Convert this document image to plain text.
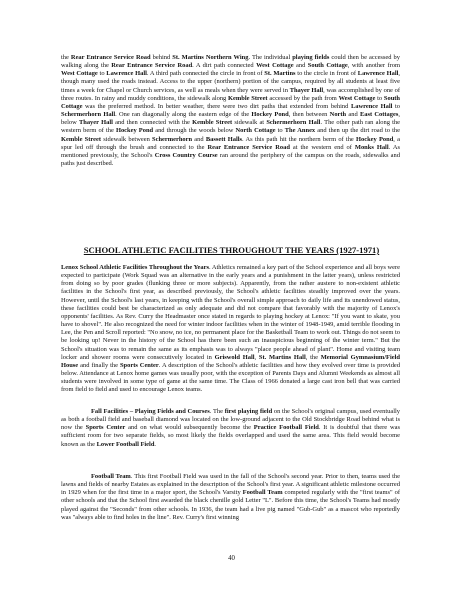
the Rear Entrance Service Road behind St. Martins Northern Wing. The individual playing fields could then be accessed by walking along the Rear Entrance Service Road. A dirt path connected West Cottage and South Cottage, with another from West Cottage to Lawrence Hall. A third path connected the circle in front of St. Martins to the circle in front of Lawrence Hall, though many used the roads instead. Access to the upper (northern) portion of the campus, required by all students at least five times a week for Chapel or Church services, as well as meals when they were served in Thayer Hall, was accomplished by one of three routes. In rainy and muddy conditions, the sidewalk along Kemble Street accessed by the path from West Cottage to South Cottage was the preferred method. In better weather, there were two dirt paths that extended from behind Lawrence Hall to Schermerhorn Hall. One ran diagonally along the eastern edge of the Hockey Pond, then between North and East Cottages, below Thayer Hall and then connected with the Kemble Street sidewalk at Schermerhorn Hall. The other path ran along the western berm of the Hockey Pond and through the woods below North Cottage to The Annex and then up the dirt road to the Kemble Street sidewalk between Schermerhorn and Bassett Halls. As this path hit the northern berm of the Hockey Pond, a spur led off through the brush and connected to the Rear Entrance Service Road at the western end of Monks Hall. As mentioned previously, the School's Cross Country Course ran around the periphery of the campus on the roads, sidewalks and paths just described.

SCHOOL ATHLETIC FACILITIES THROUGHOUT THE YEARS (1927-1971)

Lenox School Athletic Facilities Throughout the Years. Athletics remained a key part of the School experience and all boys were expected to participate (Work Squad was an alternative in the early years and a punishment in the latter years), unless restricted from doing so by poor grades (flunking three or more subjects). Apparently, from the rather austere to non-existent athletic facilities in the School's first year, as described previously, the School's athletic facilities steadily improved over the years. However, until the School's last years, in keeping with the School's overall simple approach to daily life and its unendowed status, these facilities could best be characterized as only adequate and did not compare that favorably with the majority of Lenox's opponents' facilities. As Rev. Curry the Headmaster once stated in regards to playing hockey at Lenox: "If you want to skate, you have to shovel". He also recognized the need for winter indoor facilities when in the winter of 1948-1949, amid terrible flooding in Lee, the Pen and Scroll reported: "No snow, no ice, no permanent place for the Basketball Team to work out. Things do not seem to be looking up! Never in the history of the School has there been such an inauspicious beginning of the winter term." But the School's situation was to remain the same as its emphasis was to always "place people ahead of plant". Home and visiting team locker and shower rooms were consecutively located in Griswold Hall, St. Martins Hall, the Memorial Gymnasium/Field House and finally the Sports Center. A description of the School's athletic facilities and how they evolved over time is provided below. Attendance at Lenox home games was usually poor, with the exception of Parents Days and Alumni Weekends as almost all students were involved in some type of game at the same time. The Class of 1966 donated a large cast iron bell that was carried from field to field and used to encourage Lenox teams.

Fall Facilities – Playing Fields and Courses. The first playing field on the School's original campus, used eventually as both a football field and baseball diamond was located on the low-ground adjacent to the Old Stockbridge Road behind what is now the Sports Center and on what would subsequently become the Practice Football Field. It is doubtful that there was sufficient room for two separate fields, so most likely the fields overlapped and used the same area. This field would become known as the Lower Football Field.

Football Team. This first Football Field was used in the fall of the School's second year. Prior to then, teams used the lawns and fields of nearby Estates as explained in the description of the School's first year. A significant athletic milestone occurred in 1929 when for the first time in a major sport, the School's Varsity Football Team competed regularly with the "first teams" of other schools and that the School first awarded the black chenille gold Letter "L". Before this time, the School's Teams had mostly played against the "Seconds" from other schools. In 1936, the team had a live pig named "Gub-Gub" as a mascot who reportedly was "always able to find holes in the line". Rev. Curry's first winning

40
